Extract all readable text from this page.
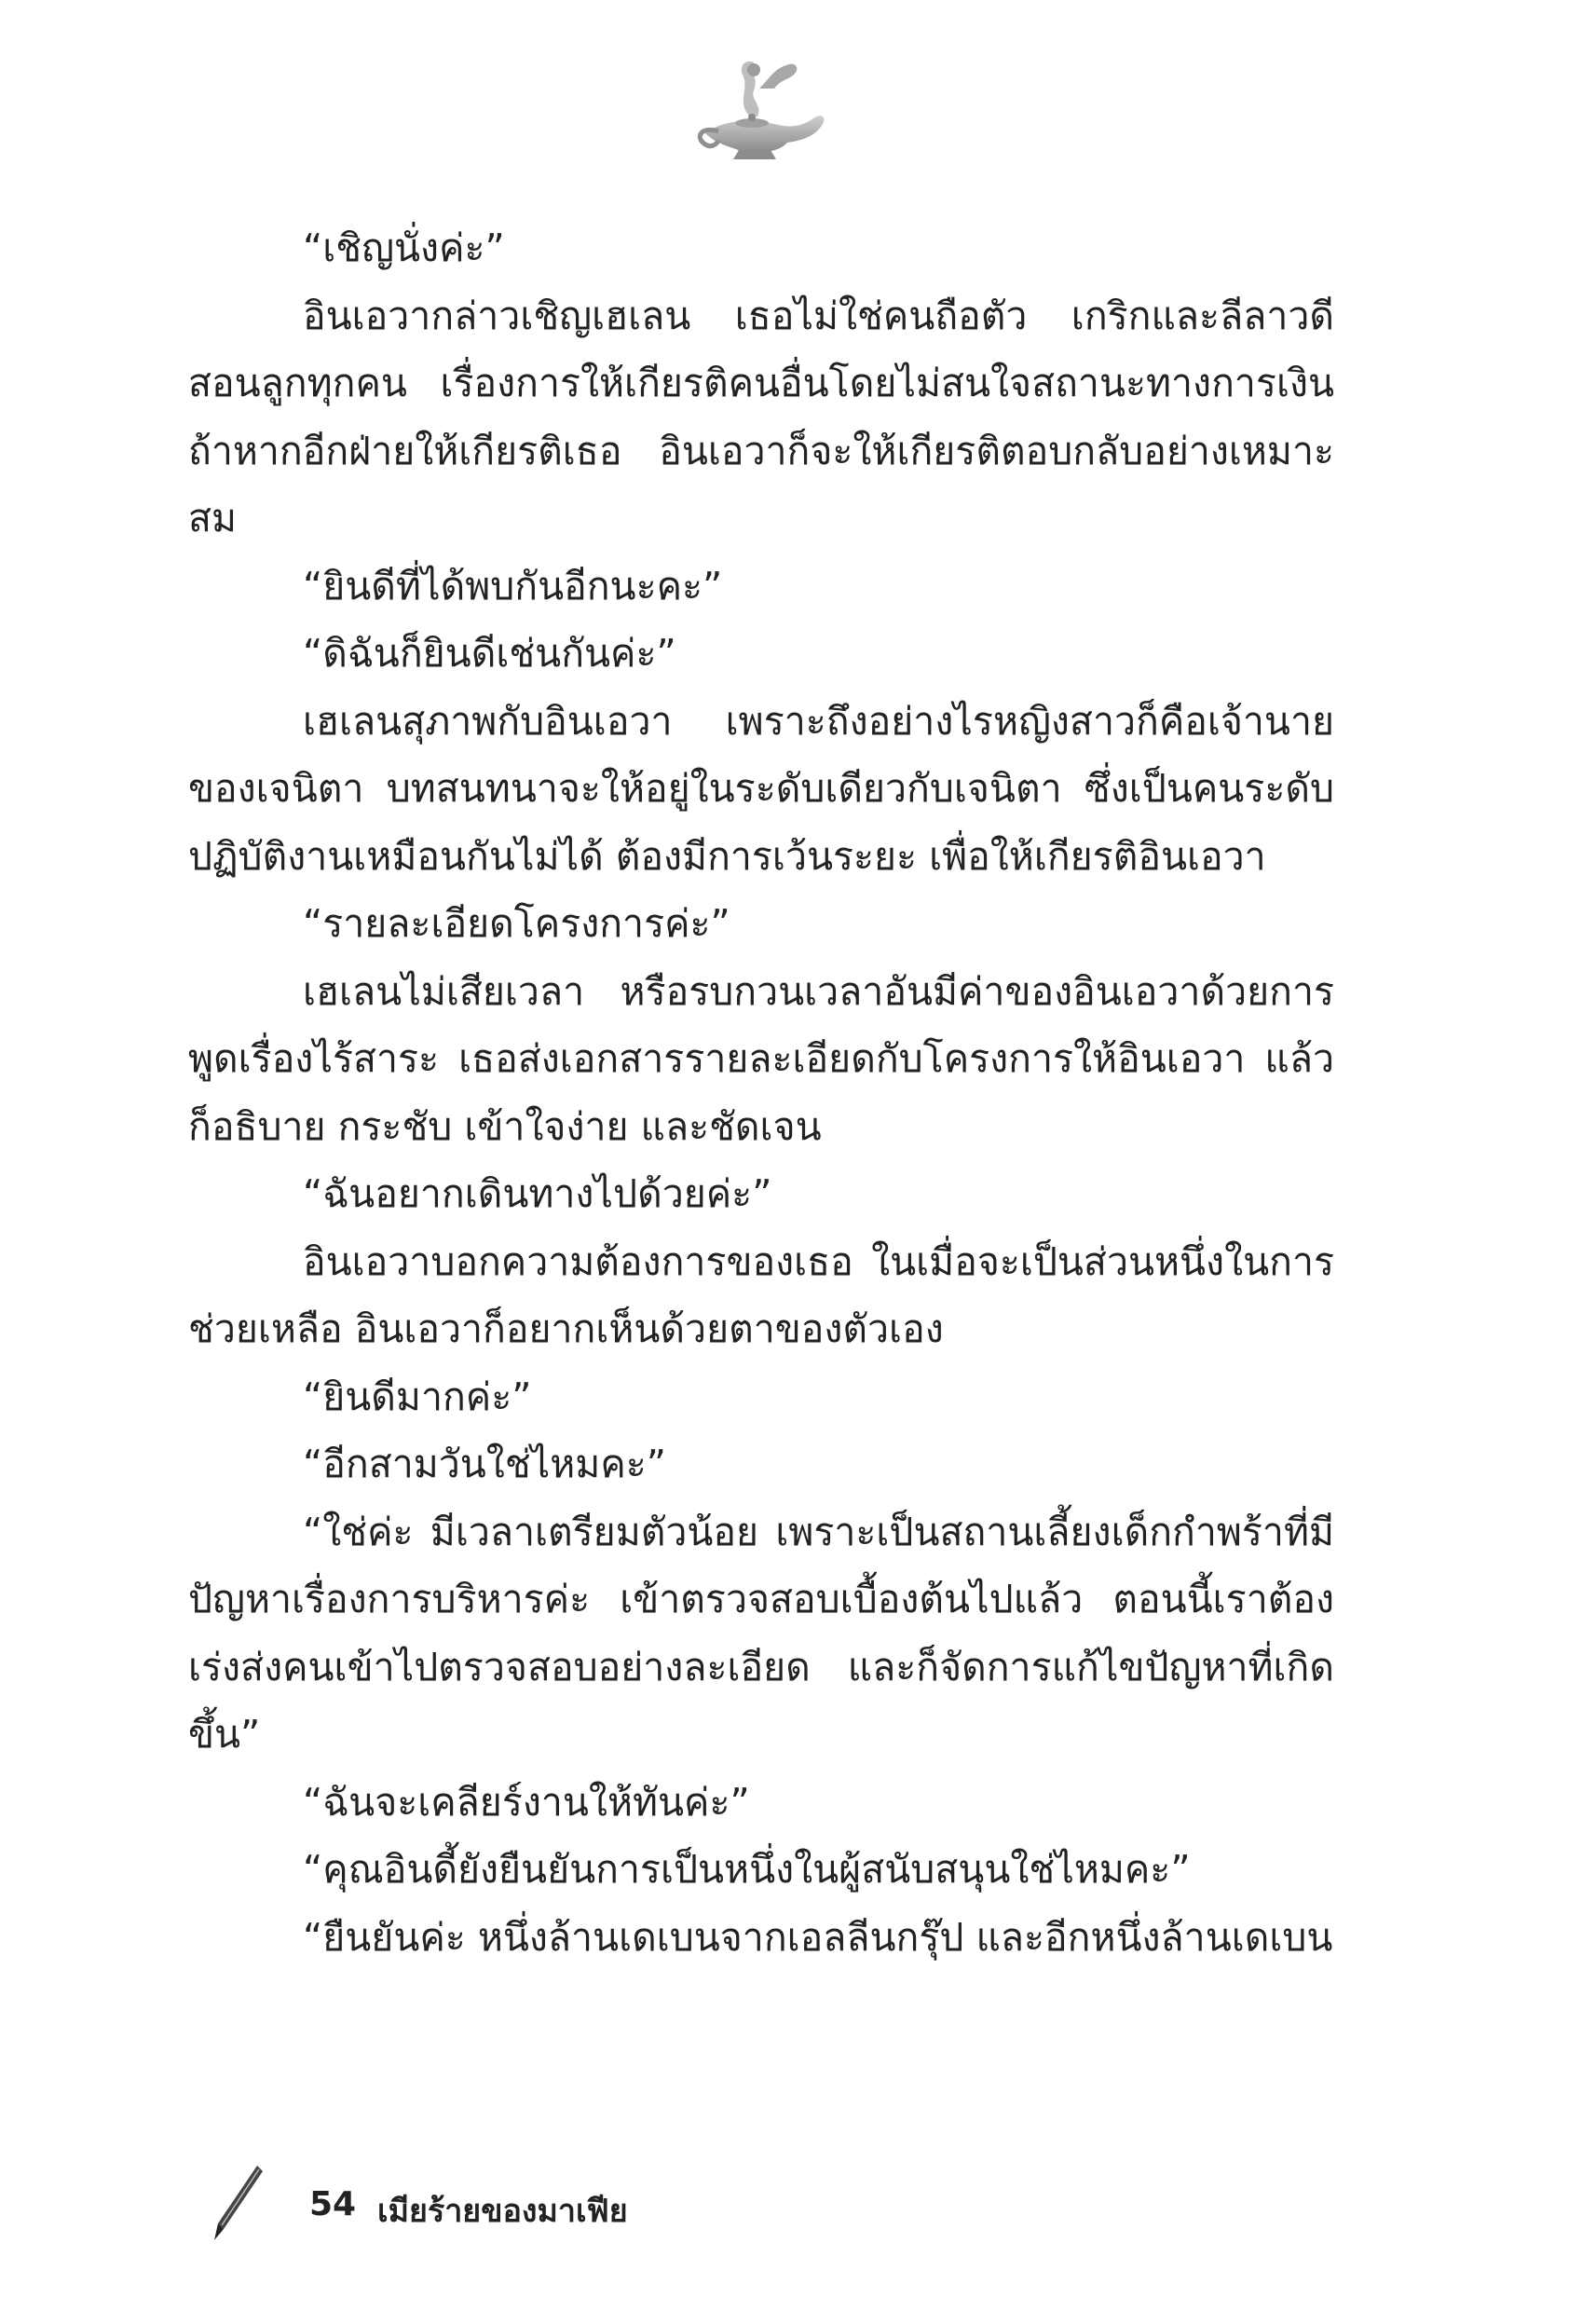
“เชิญนั่งค่ะ”

อินเอวากล่าวเชิญเฮเลน เธอไม่ใช่คนถือตัว เกริกและลีลาวดีสอนลูกทุกคน เรื่องการให้เกียรติคนอื่นโดยไม่สนใจสถานะทางการเงิน ถ้าหากอีกฝ่ายให้เกียรติเธอ อินเอวาก็จะให้เกียรติตอบกลับอย่างเหมาะสม

“ยินดีที่ได้พบกันอีกนะคะ”

“ดิฉันก็ยินดีเช่นกันค่ะ”

เฮเลนสุภาพกับอินเอวา เพราะถึงอย่างไรหญิงสาวก็คือเจ้านายของเจนิตา บทสนทนาจะให้อยู่ในระดับเดียวกับเจนิตา ซึ่งเป็นคนระดับปฏิบัติงานเหมือนกันไม่ได้ ต้องมีการเว้นระยะ เพื่อให้เกียรติอินเอวา

“รายละเอียดโครงการค่ะ”

เฮเลนไม่เสียเวลา หรือรบกวนเวลาอันมีค่าของอินเอวาด้วยการพูดเรื่องไร้สาระ เธอส่งเอกสารรายละเอียดกับโครงการให้อินเอวา แล้วก็อธิบาย กระชับ เข้าใจง่าย และชัดเจน

“ฉันอยากเดินทางไปด้วยค่ะ”

อินเอวาบอกความต้องการของเธอ ในเมื่อจะเป็นส่วนหนึ่งในการช่วยเหลือ อินเอวาก็อยากเห็นด้วยตาของตัวเอง

“ยินดีมากค่ะ”

“อีกสามวันใช่ไหมคะ”

“ใช่ค่ะ มีเวลาเตรียมตัวน้อย เพราะเป็นสถานเลี้ยงเด็กกำพร้าที่มีปัญหาเรื่องการบริหารค่ะ เข้าตรวจสอบเบื้องต้นไปแล้ว ตอนนี้เราต้องเร่งส่งคนเข้าไปตรวจสอบอย่างละเอียด และก็จัดการแก้ไขปัญหาที่เกิดขึ้น”

“ฉันจะเคลียร์งานให้ทันค่ะ”

“คุณอินดี้ยังยืนยันการเป็นหนึ่งในผู้สนับสนุนใช่ไหมคะ”

“ยืนยันค่ะ หนึ่งล้านเดเบนจากเอลลีนกรุ๊ป และอีกหนึ่งล้านเดเบน

54 เมียร้ายของมาเฟีย
